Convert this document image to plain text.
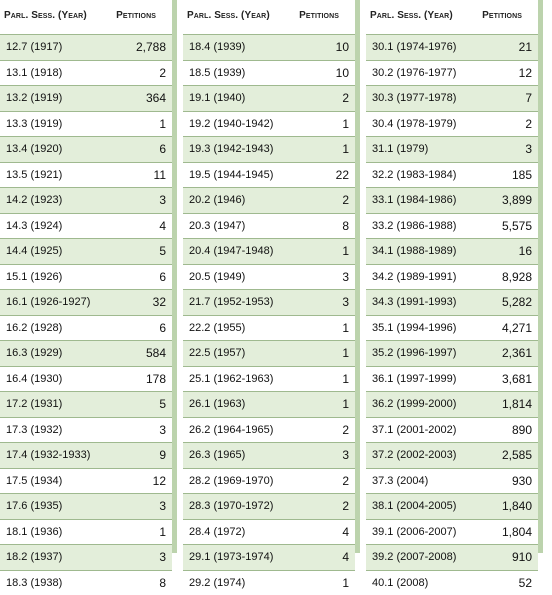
Parl. Sess. (Year)	Petitions
12.7 (1917)	2,788
13.1 (1918)	2
13.2 (1919)	364
13.3 (1919)	1
13.4 (1920)	6
13.5 (1921)	11
14.2 (1923)	3
14.3 (1924)	4
14.4 (1925)	5
15.1 (1926)	6
16.1 (1926-1927)	32
16.2 (1928)	6
16.3 (1929)	584
16.4 (1930)	178
17.2 (1931)	5
17.3 (1932)	3
17.4 (1932-1933)	9
17.5 (1934)	12
17.6 (1935)	3
18.1 (1936)	1
18.2 (1937)	3
18.3 (1938)	8
Parl. Sess. (Year)	Petitions
18.4 (1939)	10
18.5 (1939)	10
19.1 (1940)	2
19.2 (1940-1942)	1
19.3 (1942-1943)	1
19.5 (1944-1945)	22
20.2 (1946)	2
20.3 (1947)	8
20.4 (1947-1948)	1
20.5 (1949)	3
21.7 (1952-1953)	3
22.2 (1955)	1
22.5 (1957)	1
25.1 (1962-1963)	1
26.1 (1963)	1
26.2 (1964-1965)	2
26.3 (1965)	3
28.2 (1969-1970)	2
28.3 (1970-1972)	2
28.4 (1972)	4
29.1 (1973-1974)	4
29.2 (1974)	1
Parl. Sess. (Year)	Petitions
30.1 (1974-1976)	21
30.2 (1976-1977)	12
30.3 (1977-1978)	7
30.4 (1978-1979)	2
31.1 (1979)	3
32.2 (1983-1984)	185
33.1 (1984-1986)	3,899
33.2 (1986-1988)	5,575
34.1 (1988-1989)	16
34.2 (1989-1991)	8,928
34.3 (1991-1993)	5,282
35.1 (1994-1996)	4,271
35.2 (1996-1997)	2,361
36.1 (1997-1999)	3,681
36.2 (1999-2000)	1,814
37.1 (2001-2002)	890
37.2 (2002-2003)	2,585
37.3 (2004)	930
38.1 (2004-2005)	1,840
39.1 (2006-2007)	1,804
39.2 (2007-2008)	910
40.1 (2008)	52
